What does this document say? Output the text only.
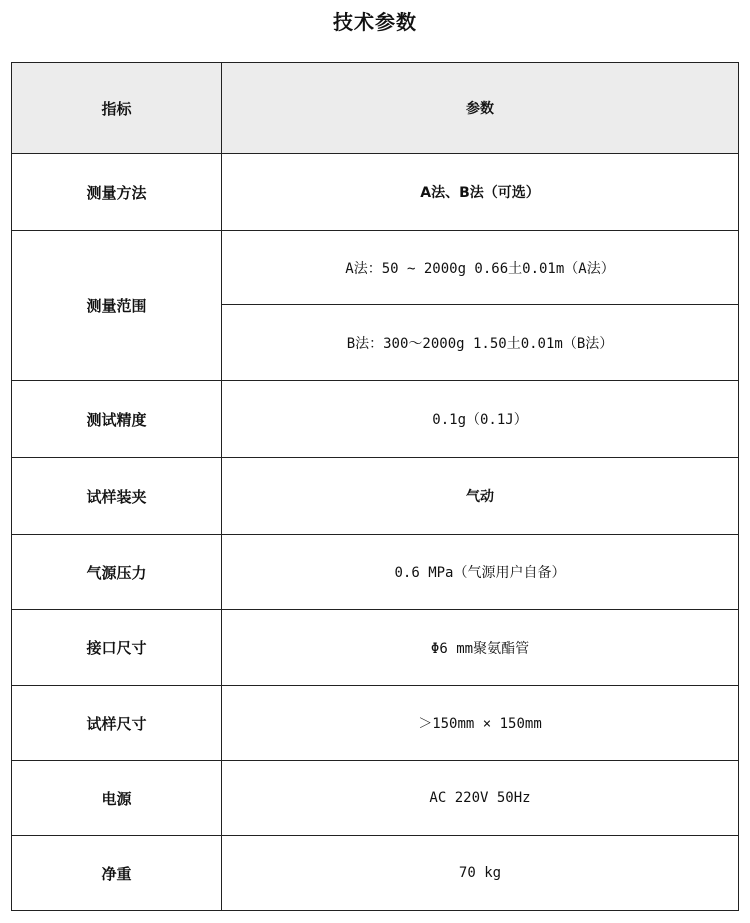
技术参数
指标	参数
测量方法	A法、B法（可选）
测量范围	A法：50 ~ 2000g 0.66土0.01m（A法）
	B法：300～2000g 1.50土0.01m（B法）
测试精度	0.1g（0.1J）
试样装夹	气动
气源压力	0.6 MPa（气源用户自备）
接口尺寸	Φ6 mm聚氨酯管
试样尺寸	＞150mm × 150mm
电源	AC 220V 50Hz
净重	70 kg
